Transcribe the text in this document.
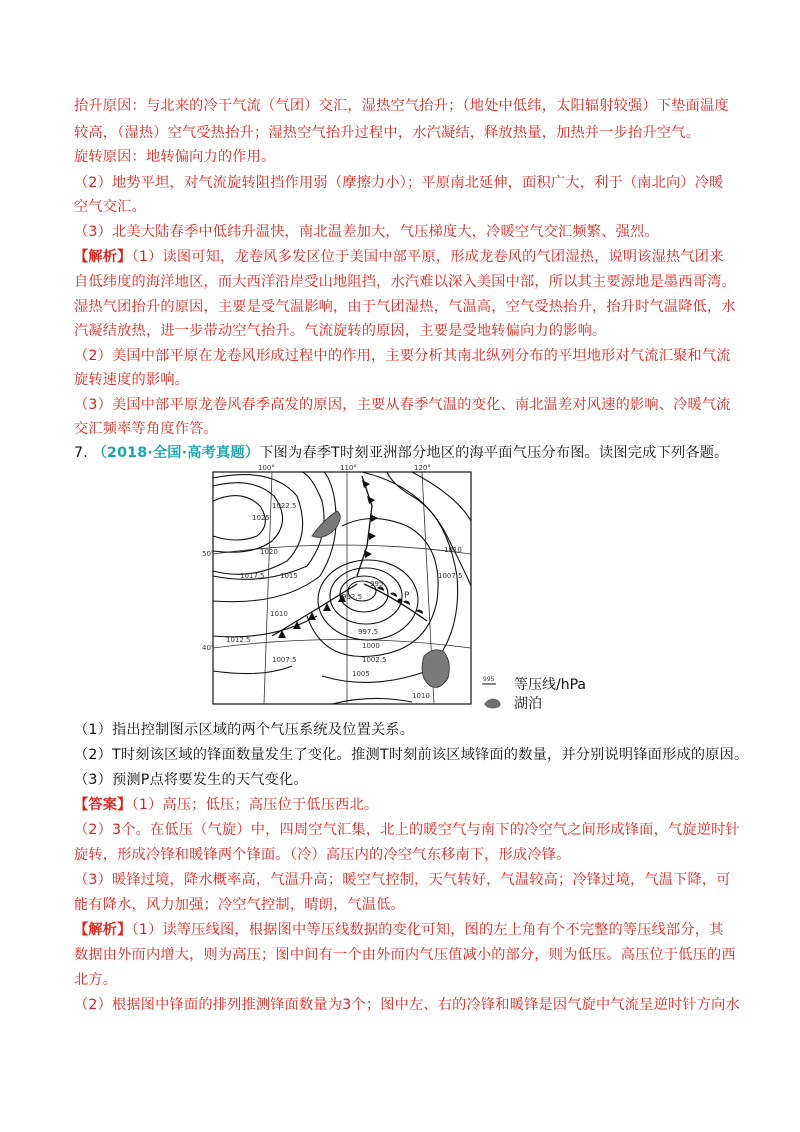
抬升原因：与北来的冷干气流（气团）交汇，湿热空气抬升；（地处中低纬，太阳辐射较强）下垫面温度
较高，（湿热）空气受热抬升；湿热空气抬升过程中，水汽凝结，释放热量，加热并一步抬升空气。
旋转原因：地转偏向力的作用。
（2）地势平坦，对气流旋转阻挡作用弱（摩擦力小）；平原南北延伸，面积广大，利于（南北向）冷暖
空气交汇。
（3）北美大陆春季中低纬升温快，南北温差加大，气压梯度大，冷暖空气交汇频繁、强烈。
【解析】（1）读图可知，龙卷风多发区位于美国中部平原，形成龙卷风的气团湿热，说明该湿热气团来
自低纬度的海洋地区，而大西洋沿岸受山地阻挡，水汽难以深入美国中部，所以其主要源地是墨西哥湾。
湿热气团抬升的原因，主要是受气温影响，由于气团湿热，气温高，空气受热抬升，抬升时气温降低，水
汽凝结放热，进一步带动空气抬升。气流旋转的原因，主要是受地转偏向力的影响。
（2）美国中部平原在龙卷风形成过程中的作用，主要分析其南北纵列分布的平坦地形对气流汇聚和气流
旋转速度的影响。
（3）美国中部平原龙卷风春季高发的原因，主要从春季气温的变化、南北温差对风速的影响、冷暖气流
交汇频率等角度作答。
7. （2018·全国·高考真题）下图为春季T时刻亚洲部分地区的海平面气压分布图。读图完成下列各题。
100°	110°	120°
50°
40°
P
1022.5
1025
1020
1017.5 1015
1012.5
1010
1007.5
1005
1002.5
1000
997.5
995
992.5
1010
1007.5
1010
995 等压线/hPa
湖泊
（1）指出控制图示区域的两个气压系统及位置关系。
（2）T时刻该区域的锋面数量发生了变化。推测T时刻前该区域锋面的数量，并分别说明锋面形成的原因。
（3）预测P点将要发生的天气变化。
【答案】（1）高压；低压；高压位于低压西北。
（2）3个。在低压（气旋）中，四周空气汇集，北上的暖空气与南下的冷空气之间形成锋面，气旋逆时针
旋转，形成冷锋和暖锋两个锋面。（冷）高压内的冷空气东移南下，形成冷锋。
（3）暖锋过境，降水概率高，气温升高；暖空气控制，天气转好，气温较高；冷锋过境，气温下降，可
能有降水，风力加强；冷空气控制，晴朗，气温低。
【解析】（1）读等压线图，根据图中等压线数据的变化可知，图的左上角有个不完整的等压线部分，其
数据由外而内增大，则为高压；图中间有一个由外而内气压值减小的部分，则为低压。高压位于低压的西
北方。
（2）根据图中锋面的排列推测锋面数量为3个；图中左、右的冷锋和暖锋是因气旋中气流呈逆时针方向水
